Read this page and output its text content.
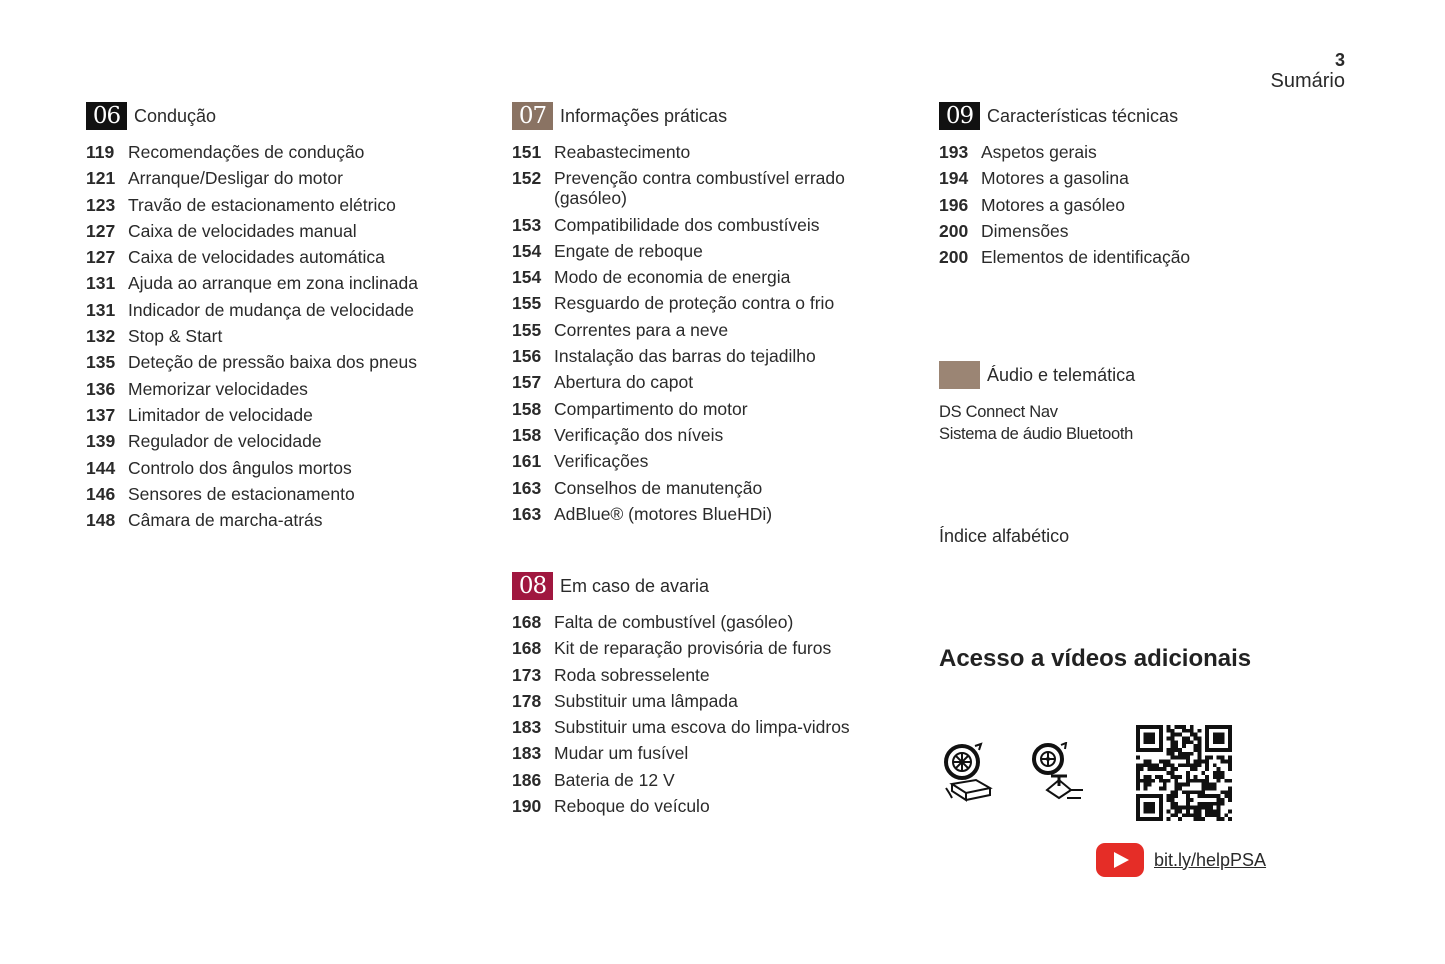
3
Sumário
06 Condução
119 Recomendações de condução
121 Arranque/Desligar do motor
123 Travão de estacionamento elétrico
127 Caixa de velocidades manual
127 Caixa de velocidades automática
131 Ajuda ao arranque em zona inclinada
131 Indicador de mudança de velocidade
132 Stop & Start
135 Deteção de pressão baixa dos pneus
136 Memorizar velocidades
137 Limitador de velocidade
139 Regulador de velocidade
144 Controlo dos ângulos mortos
146 Sensores de estacionamento
148 Câmara de marcha-atrás
07 Informações práticas
151 Reabastecimento
152 Prevenção contra combustível errado (gasóleo)
153 Compatibilidade dos combustíveis
154 Engate de reboque
154 Modo de economia de energia
155 Resguardo de proteção contra o frio
155 Correntes para a neve
156 Instalação das barras do tejadilho
157 Abertura do capot
158 Compartimento do motor
158 Verificação dos níveis
161 Verificações
163 Conselhos de manutenção
163 AdBlue® (motores BlueHDi)
08 Em caso de avaria
168 Falta de combustível (gasóleo)
168 Kit de reparação provisória de furos
173 Roda sobresselente
178 Substituir uma lâmpada
183 Substituir uma escova do limpa-vidros
183 Mudar um fusível
186 Bateria de 12 V
190 Reboque do veículo
09 Características técnicas
193 Aspetos gerais
194 Motores a gasolina
196 Motores a gasóleo
200 Dimensões
200 Elementos de identificação
Áudio e telemática
DS Connect Nav
Sistema de áudio Bluetooth
Índice alfabético
Acesso a vídeos adicionais
bit.ly/helpPSA
